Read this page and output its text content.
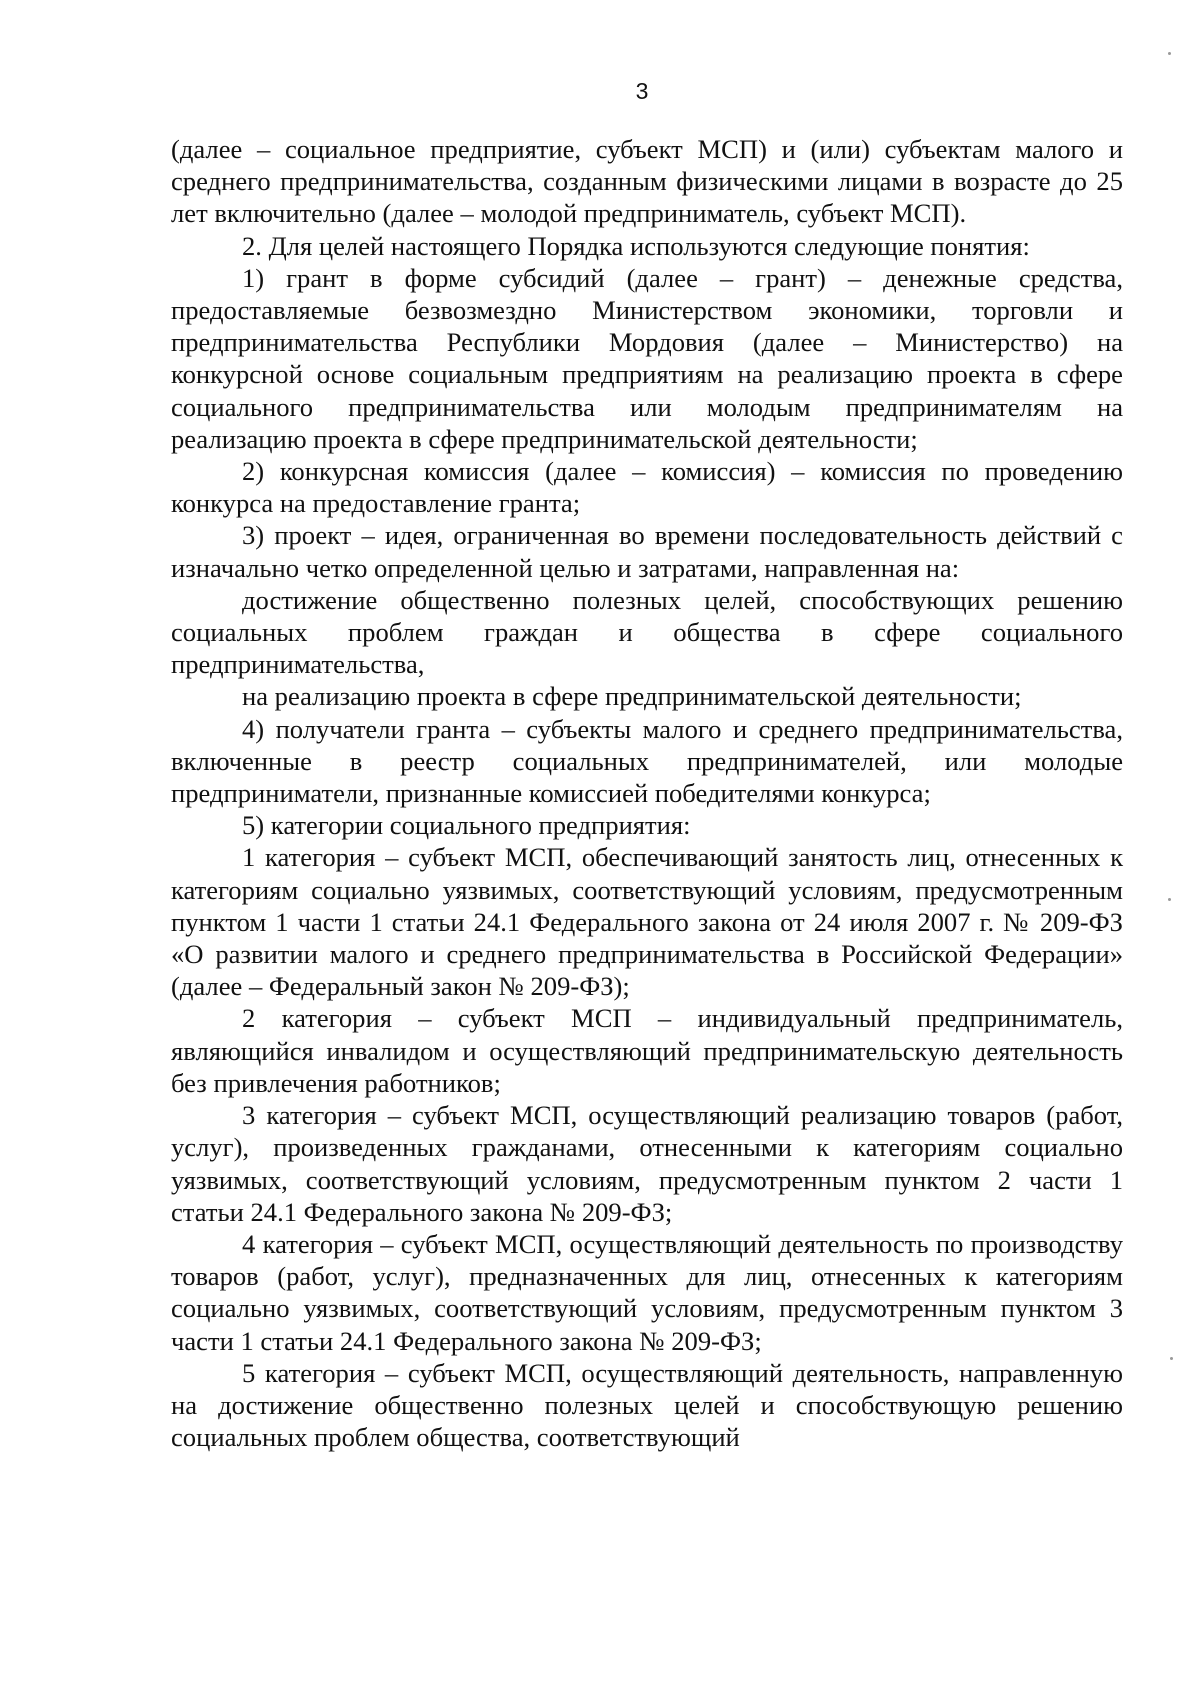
3

(далее – социальное предприятие, субъект МСП) и (или) субъектам малого и среднего предпринимательства, созданным физическими лицами в возрасте до 25 лет включительно (далее – молодой предприниматель, субъект МСП).

2. Для целей настоящего Порядка используются следующие понятия:

1) грант в форме субсидий (далее – грант) – денежные средства, предоставляемые безвозмездно Министерством экономики, торговли и предпринимательства Республики Мордовия (далее – Министерство) на конкурсной основе социальным предприятиям на реализацию проекта в сфере социального предпринимательства или молодым предпринимателям на реализацию проекта в сфере предпринимательской деятельности;

2) конкурсная комиссия (далее – комиссия) – комиссия по проведению конкурса на предоставление гранта;

3) проект – идея, ограниченная во времени последовательность действий с изначально четко определенной целью и затратами, направленная на:

достижение общественно полезных целей, способствующих решению социальных проблем граждан и общества в сфере социального предпринимательства,

на реализацию проекта в сфере предпринимательской деятельности;

4) получатели гранта – субъекты малого и среднего предпринимательства, включенные в реестр социальных предпринимателей, или молодые предприниматели, признанные комиссией победителями конкурса;

5) категории социального предприятия:

1 категория – субъект МСП, обеспечивающий занятость лиц, отнесенных к категориям социально уязвимых, соответствующий условиям, предусмотренным пунктом 1 части 1 статьи 24.1 Федерального закона от 24 июля 2007 г. № 209-ФЗ «О развитии малого и среднего предпринимательства в Российской Федерации» (далее – Федеральный закон № 209-ФЗ);

2 категория – субъект МСП – индивидуальный предприниматель, являющийся инвалидом и осуществляющий предпринимательскую деятельность без привлечения работников;

3 категория – субъект МСП, осуществляющий реализацию товаров (работ, услуг), произведенных гражданами, отнесенными к категориям социально уязвимых, соответствующий условиям, предусмотренным пунктом 2 части 1 статьи 24.1 Федерального закона № 209-ФЗ;

4 категория – субъект МСП, осуществляющий деятельность по производству товаров (работ, услуг), предназначенных для лиц, отнесенных к категориям социально уязвимых, соответствующий условиям, предусмотренным пунктом 3 части 1 статьи 24.1 Федерального закона № 209-ФЗ;

5 категория – субъект МСП, осуществляющий деятельность, направленную на достижение общественно полезных целей и способствующую решению социальных проблем общества, соответствующий
